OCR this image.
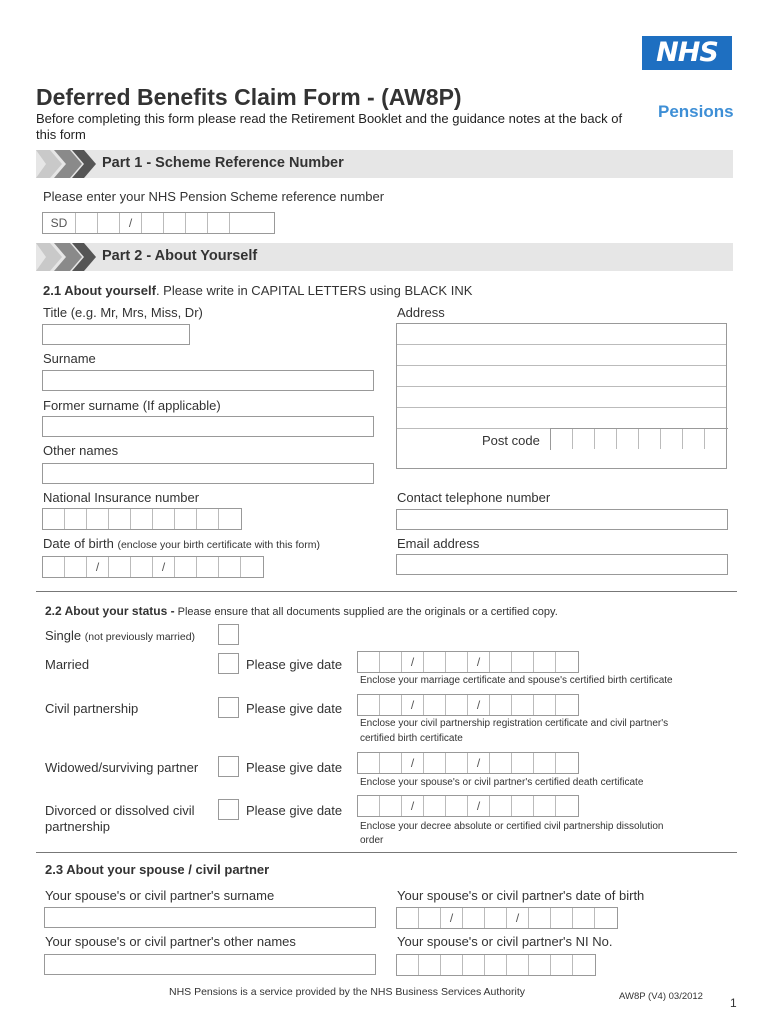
NHS
Pensions
Deferred Benefits Claim Form - (AW8P)
Before completing this form please read the Retirement Booklet and the guidance notes at the back of this form
Part 1 - Scheme Reference Number
Please enter your NHS Pension Scheme reference number
SD	/
Part 2 - About Yourself
2.1 About yourself. Please write in CAPITAL LETTERS using BLACK INK
Title (e.g. Mr, Mrs, Miss, Dr)	Address
Post code
Surname
Former surname (If applicable)
Other names
National Insurance number	Contact telephone number
Date of birth (enclose your birth certificate with this form)
/	/
Email address
2.2 About your status - Please ensure that all documents supplied are the originals or a certified copy.
Single (not previously married)
Married	Please give date	/	/
Enclose your marriage certificate and spouse's certified birth certificate
Civil partnership	Please give date	/	/
Enclose your civil partnership registration certificate and civil partner's
certified birth certificate
Widowed/surviving partner	Please give date	/	/
Enclose your spouse's or civil partner's certified death certificate
Divorced or dissolved civil
partnership
Please give date	/	/
Enclose your decree absolute or certified civil partnership dissolution
order
2.3 About your spouse / civil partner
Your spouse's or civil partner's surname	Your spouse's or civil partner's date of birth
/	/
Your spouse's or civil partner's other names	Your spouse's or civil partner's NI No.
NHS Pensions is a service provided by the NHS Business Services Authority	AW8P (V4) 03/2012 1
